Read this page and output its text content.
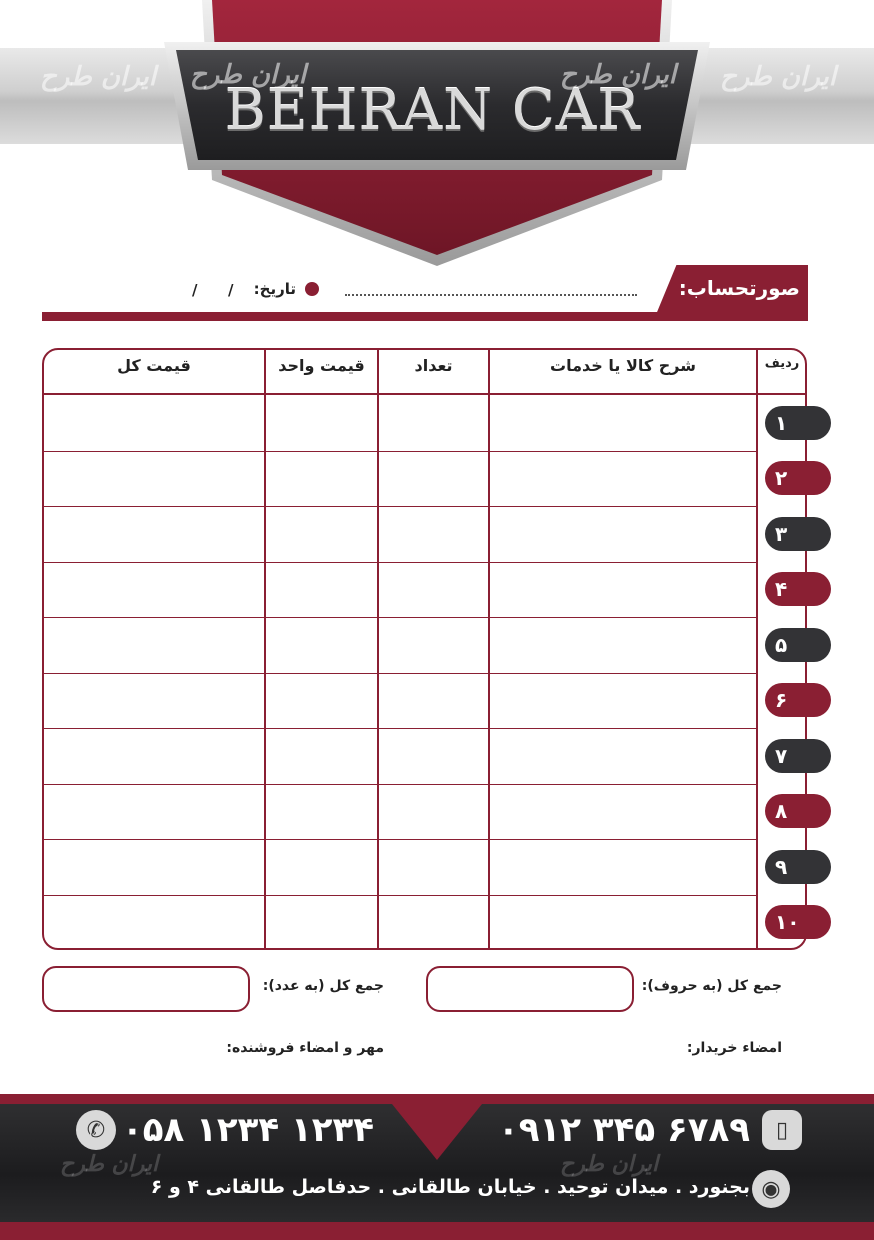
ایران طرح ایران طرح	ایران طرح ایران طرح
BEHRAN CAR
صورتحساب:
تاریخ:
/
/
ردیف
شرح کالا یا خدمات
تعداد
قیمت واحد
قیمت کل
۱
۲
۳
۴
۵
۶
۷
۸
۹
۱۰
جمع کل (به حروف):
جمع کل (به عدد):
امضاء خریدار:
مهر و امضاء فروشنده:
▯
۰۹۱۲ ۳۴۵ ۶۷۸۹
✆ ۰۵۸ ۱۲۳۴ ۱۲۳۴
ایران طرح	ایران طرح
بجنورد . میدان توحید . خیابان طالقانی . حدفاصل طالقانی ۴ و ۶ ◉
